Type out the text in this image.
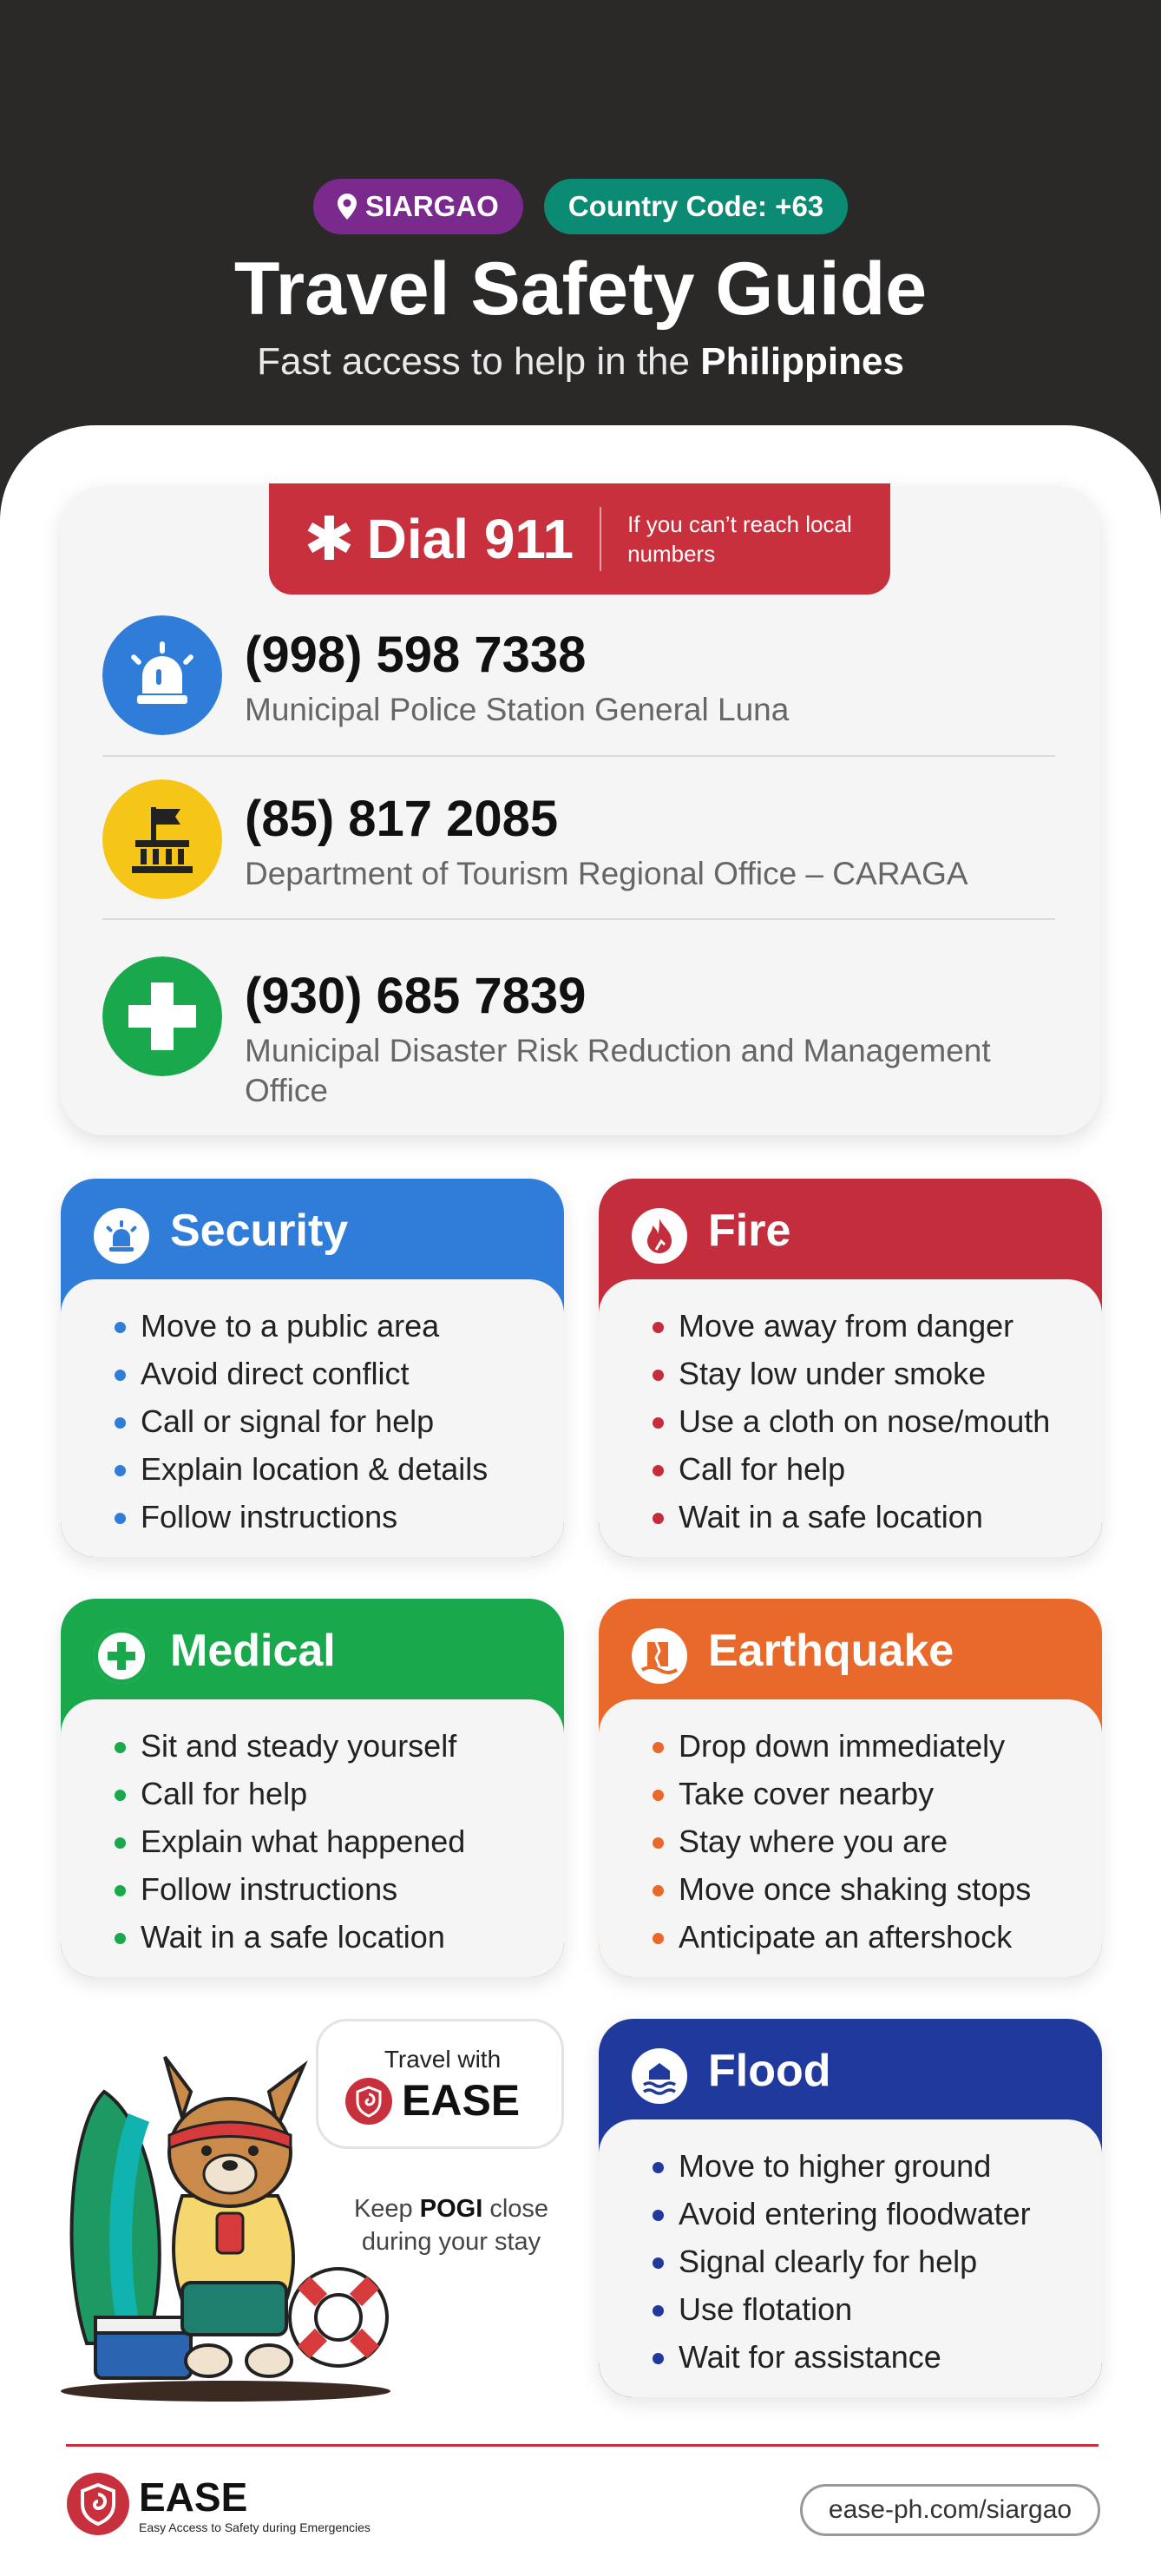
SIARGAO	Country Code: +63
Travel Safety Guide
Fast access to help in the Philippines
✱ Dial 911 If you can’t reach local numbers
(998) 598 7338
Municipal Police Station General Luna
(85) 817 2085
Department of Tourism Regional Office – CARAGA
(930) 685 7839
Municipal Disaster Risk Reduction and Management Office
Security
Move to a public area
Avoid direct conflict
Call or signal for help
Explain location & details
Follow instructions
Fire
Move away from danger
Stay low under smoke
Use a cloth on nose/mouth
Call for help
Wait in a safe location
Medical
Sit and steady yourself
Call for help
Explain what happened
Follow instructions
Wait in a safe location
Earthquake
Drop down immediately
Take cover nearby
Stay where you are
Move once shaking stops
Anticipate an aftershock
Flood
Move to higher ground
Avoid entering floodwater
Signal clearly for help
Use flotation
Wait for assistance
Travel with
EASE
Keep POGI close during your stay
EASE
Easy Access to Safety during Emergencies
ease-ph.com/siargao
